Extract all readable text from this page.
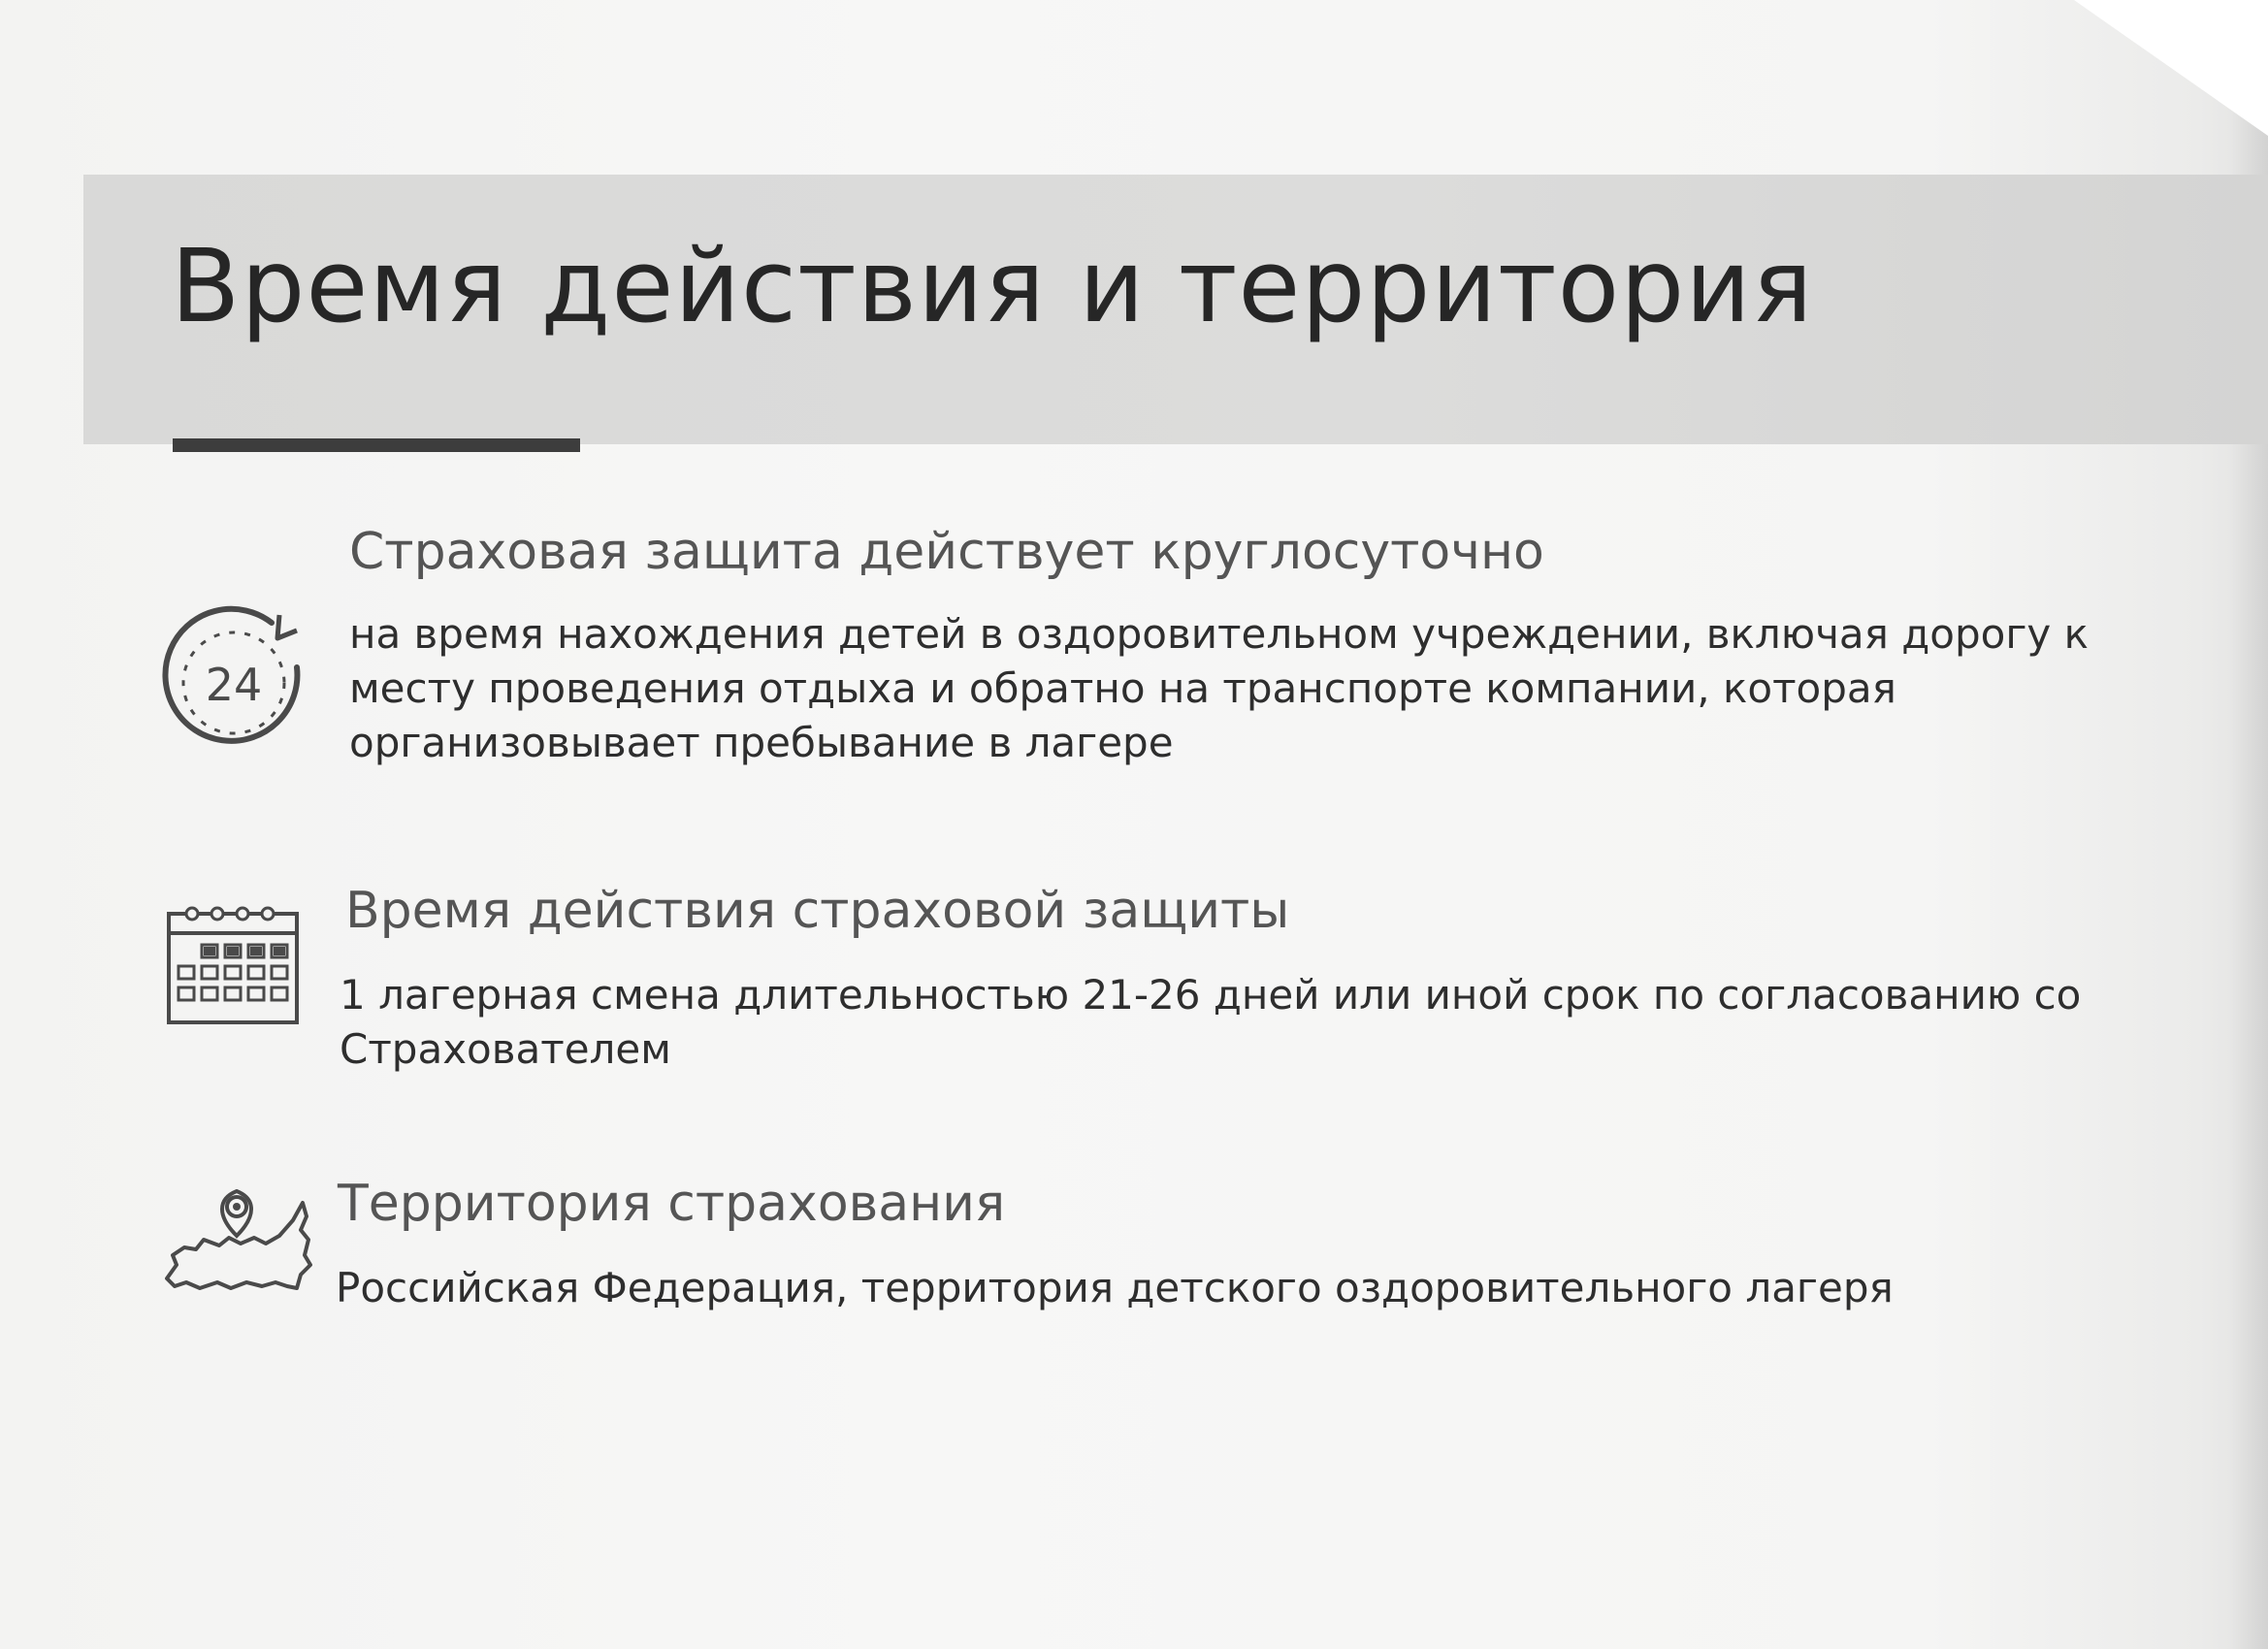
Время действия и территория
24
Страховая защита действует круглосуточно
на время нахождения детей в оздоровительном учреждении, включая дорогу к
месту проведения отдыха и обратно на транспорте компании, которая
организовывает пребывание в лагере
Время действия страховой защиты
1 лагерная смена длительностью 21-26 дней или иной срок по согласованию со
Страхователем
Территория страхования
Российская Федерация, территория детского оздоровительного лагеря
